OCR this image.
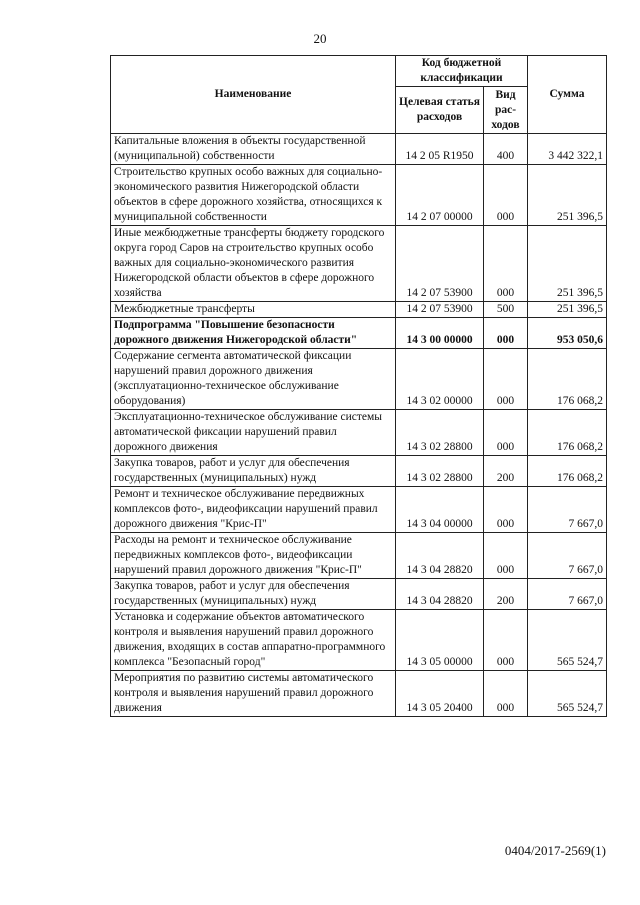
20
Наименование	Код бюджетной классификации		Сумма
	Целевая статья расходов	Вид рас- ходов	
Капитальные вложения в объекты государственной (муниципальной) собственности	14 2 05 R1950	400	3 442 322,1
Строительство крупных особо важных для социально-экономического развития Нижегородской области объектов в сфере дорожного хозяйства, относящихся к муниципальной собственности	14 2 07 00000	000	251 396,5
Иные межбюджетные трансферты бюджету городского округа город Саров на строительство крупных особо важных для социально-экономического развития Нижегородской области объектов в сфере дорожного хозяйства	14 2 07 53900	000	251 396,5
Межбюджетные трансферты	14 2 07 53900	500	251 396,5
Подпрограмма "Повышение безопасности дорожного движения Нижегородской области"	14 3 00 00000	000	953 050,6
Содержание сегмента автоматической фиксации нарушений правил дорожного движения (эксплуатационно-техническое обслуживание оборудования)	14 3 02 00000	000	176 068,2
Эксплуатационно-техническое обслуживание системы автоматической фиксации нарушений правил дорожного движения	14 3 02 28800	000	176 068,2
Закупка товаров, работ и услуг для обеспечения государственных (муниципальных) нужд	14 3 02 28800	200	176 068,2
Ремонт и техническое обслуживание передвижных комплексов фото-, видеофиксации нарушений правил дорожного движения "Крис-П"	14 3 04 00000	000	7 667,0
Расходы на ремонт и техническое обслуживание передвижных комплексов фото-, видеофиксации нарушений правил дорожного движения "Крис-П"	14 3 04 28820	000	7 667,0
Закупка товаров, работ и услуг для обеспечения государственных (муниципальных) нужд	14 3 04 28820	200	7 667,0
Установка и содержание объектов автоматического контроля и выявления нарушений правил дорожного движения, входящих в состав аппаратно-программного комплекса "Безопасный город"	14 3 05 00000	000	565 524,7
Мероприятия по развитию системы автоматического контроля и выявления нарушений правил дорожного движения	14 3 05 20400	000	565 524,7
0404/2017-2569(1)
